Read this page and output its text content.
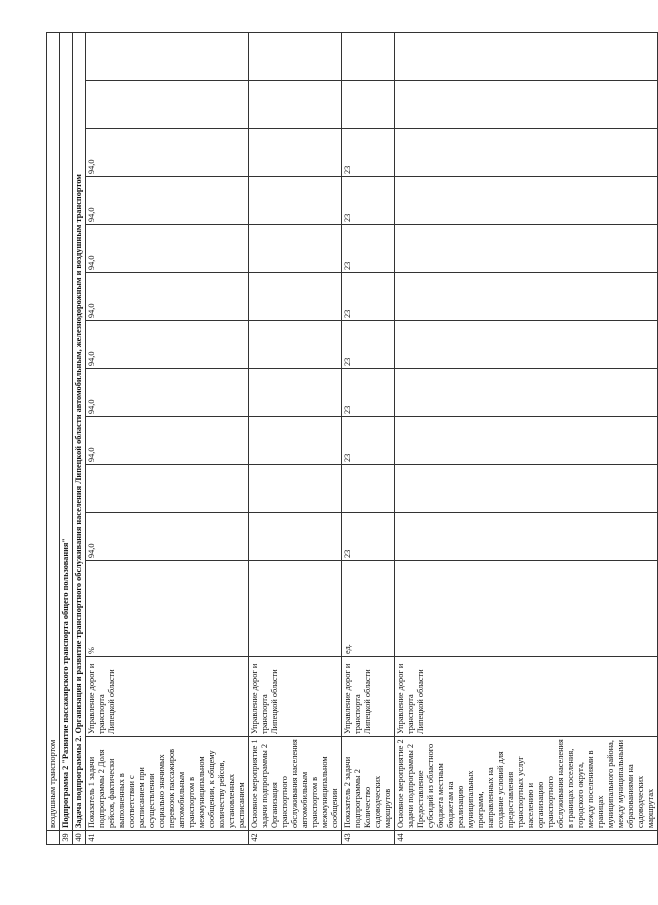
	воздушным транспортом													
39	Подпрограмма 2 "Развитие пассажирского транспорта общего пользования"													
40	Задача подпрограммы 2. Организация и развитие транспортного обслуживания населения Липецкой области автомобильным, железнодорожным и воздушным транспортом													
41	Показатель 1 задачи подпрограммы 2 Доля рейсов, фактически выполненных в соответствии с расписанием при осуществлении социально значимых перевозок пассажиров автомобильным транспортом в межмуниципальном сообщении, к общему количеству рейсов, установленных расписанием	Управление дорог и транспорта Липецкой области	%	94,0		94,0	94,0	94,0	94,0	94,0	94,0	94,0		
42	Основное мероприятие 1 задачи подпрограммы 2 Организация транспортного обслуживания населения автомобильным транспортом в межмуниципальном сообщении	Управление дорог и транспорта Липецкой области												
43	Показатель 2 задачи подпрограммы 2 Количество садоводческих маршрутов	Управление дорог и транспорта Липецкой области	ед.	23		23	23	23	23	23	23	23		
44	Основное мероприятие 2 задачи подпрограммы 2 Предоставление субсидий из областного бюджета местным бюджетам на реализацию муниципальных программ, направленных на создание условий для предоставления транспортных услуг населению и организацию транспортного обслуживания населения в границах поселения, городского округа, между поселениями в границах муниципального района, между муниципальными образованиями на садоводческих маршрутах	Управление дорог и транспорта Липецкой области												
